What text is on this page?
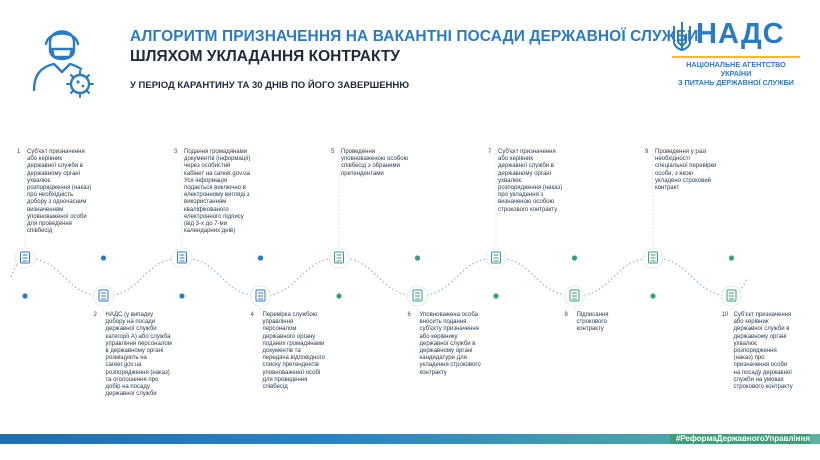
АЛГОРИТМ ПРИЗНАЧЕННЯ НА ВАКАНТНІ ПОСАДИ ДЕРЖАВНОЇ СЛУЖБИ
ШЛЯХОМ УКЛАДАННЯ КОНТРАКТУ
У ПЕРІОД КАРАНТИНУ ТА 30 ДНІВ ПО ЙОГО ЗАВЕРШЕННЮ
НАДС
НАЦІОНАЛЬНЕ АГЕНТСТВО УКРАЇНИ
З ПИТАНЬ ДЕРЖАВНОЇ СЛУЖБИ
1 Суб'єкт призначення
або керівник
державної служби в
державному органі
ухвалює
розпорядження (наказ)
про необхідність
добору з одночасним
визначенням
уповноваженої особи
для проведення
співбесід
2 НАДС (у випадку
добору на посади
державної служби
категорії А) або служба
управління персоналом
в державному органі
розміщують на
career.gov.ua
розпорядження (наказ)
та оголошення про
добір на посаду
державної служби
3 Подання громадянами
документів (інформації)
через особистий
кабінет на career.gov.ua
Уся інформація
подається виключно в
електронному вигляді з
використанням
кваліфікованого
електронного підпису
(від 3-х до 7-ми
календарних днів)
4 Перевірка службою
управління
персоналом
державного органу
поданих громадянами
документів та
передача відповідного
списку претендентів
уповноваженої особі
для проведення
співбесід
5 Проведення
уповноваженою особою
співбесід з обраними
претендентами
6 Уповноважена особа
вносить подання
суб'єкту призначення
або керівнику
державної служби в
державному органі
кандидатури для
укладення строкового
контракту
7 Суб'єкт призначення
або керівник
державної служби в
державному органі
ухвалює
розпорядження (наказ)
про укладення з
визначеною особою
строкового контракту
8 Підписання
строкового
контракту
9 Проведення у разі
необхідності
спеціальної перевірки
особи, з якою
укладено строковий
контракт
10 Суб'єкт призначення
або керівник
державної служби в
державному органі
ухвалює
розпорядження
(наказ) про
призначення особи
на посаду державної
служби на умовах
строкового контракту
#РеформаДержавногоУправління
